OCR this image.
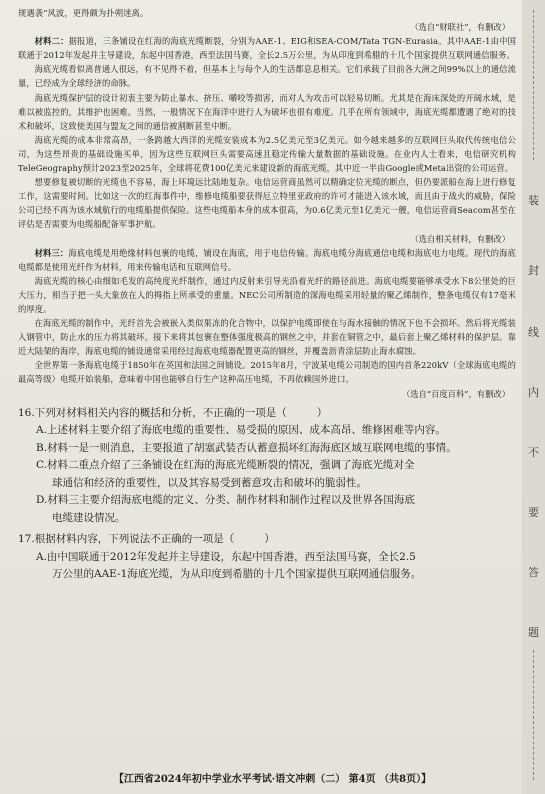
规遇袭”风波，更得颇为扑朔迷离。

（选自“财联社”，有删改）

材料二：据报道，三条铺设在红海的海底光缆断裂，分别为AAE-1、EIG和SEA-COM/Tata TGN-Eurasia。其中AAE-1由中国联通于2012年发起并主导建设，东起中国香港，西至法国马赛，全长2.5万公里，为从印度到希腊的十几个国家提供互联网通信服务。

海底光缆看似离普通人很远，有不见得不着，但基本上与每个人的生活都息息相关。它们承载了目前各大洲之间99%以上的通信流量，已经成为全球经济的命脉。

海底光缆保护层的设计初衷主要为防止暴水、挤压、嚼咬等损害，而对人为攻击可以轻易切断。尤其是在海床深处的开阔水域，是难以被监控的，其维护也困难。当然，一般情况下在海洋中进行人为破坏也很有难度。几乎在所有领域中，海底光缆都遭遇了绝对的技术和破坏，这致使美国与盟友之间的通信被割断甚至中断。

海底光缆的成本非常高昂，一条跨越大西洋的光缆安装成本为2.5亿美元至3亿美元。如今越来越多的互联网巨头取代传统电信公司，为这些昂贵的基础设施买单，因为这些互联网巨头需要高速且稳定传输大量数据的基础设施。在业内人士看来，电信研究机构TeleGeography预计2023至2025年，全球将花费100亿美元来建设新的海底光缆，其中近一半由Google或Meta出资的公司运营。

想要修复被切断的光缆也不容易，海上环境远比陆地复杂。电信运营商虽然可以精确定位光缆的断点，但仍要派船在海上进行修复工作，这需要时间。比如这一次的红海事件中，维修电缆船要获得厄立特里亚政府的许可才能进入该水域，而且由于战火的威胁，保险公司已经不再为该水域航行的电缆船提供保险。这些电缆船本身的成本很高，为0.6亿美元至1亿美元一艘，电信运营商Seacom甚至在评估是否需要为电缆船配备军事护航。

（选自相关材料，有删改）

材料三：海底电缆是用绝缘材料包裹的电缆，铺设在海底，用于电信传输。海底电缆分海底通信电缆和海底电力电缆。现代的海底电缆都是使用光纤作为材料，用来传输电话和互联网信号。

海底光缆的核心由细如毛发的高纯度光纤制作，通过内反射来引导光沿着光纤的路径前进。海底电缆要能够承受水下8公里处的巨大压力，相当于把一头大象放在人的拇指上所承受的重量。NEC公司所制造的深海电缆采用轻量的聚乙烯制作，整条电缆仅有17毫米的厚度。

在海底光缆的制作中，光纤首先会被嵌入类似果冻的化合物中，以保护电缆即使在与海水接触的情况下也不会损坏。然后将光缆装入钢管中，防止水的压力将其破坏。接下来将其包裹在整体强度极高的钢丝之中，并套在铜管之中，最后套上聚乙烯材料的保护层。靠近大陆架的海岸，海底电缆的铺设通常采用经过海底电缆器配置更高的钢丝，并覆盖沥青涂层防止海水腐蚀。

全世界第一条海底电缆于1850年在英国和法国之间铺设。2015年8月，宁波某电缆公司制造的国内首条220kV（全球海底电缆的最高等级）电缆开始装船，意味着中国也能够自行生产这种高压电缆，不再依赖国外进口。

（选自“百度百科”，有删改）

16.下列对材料相关内容的概括和分析，不正确的一项是（	）

A.上述材料主要介绍了海底电缆的重要性、易受损的原因、成本高昂、维修困难等内容。

B.材料一是一则消息，主要报道了胡塞武装否认蓄意损坏红海海底区域互联网电缆的事情。

C.材料二重点介绍了三条铺设在红海的海底光缆断裂的情况，强调了海底光缆对全

球通信和经济的重要性，以及其容易受到蓄意攻击和破坏的脆弱性。

D.材料三主要介绍海底电缆的定义、分类、制作材料和制作过程以及世界各国海底

电缆建设情况。

17.根据材料内容，下列说法不正确的一项是（	）

A.由中国联通于2012年发起并主导建设，东起中国香港，西至法国马赛，全长2.5

万公里的AAE-1海底光缆，为从印度到希腊的十几个国家提供互联网通信服务。

【江西省2024年初中学业水平考试·语文冲刺（二） 第4页 （共8页）】
装
封
线
内
不
要
答
题
